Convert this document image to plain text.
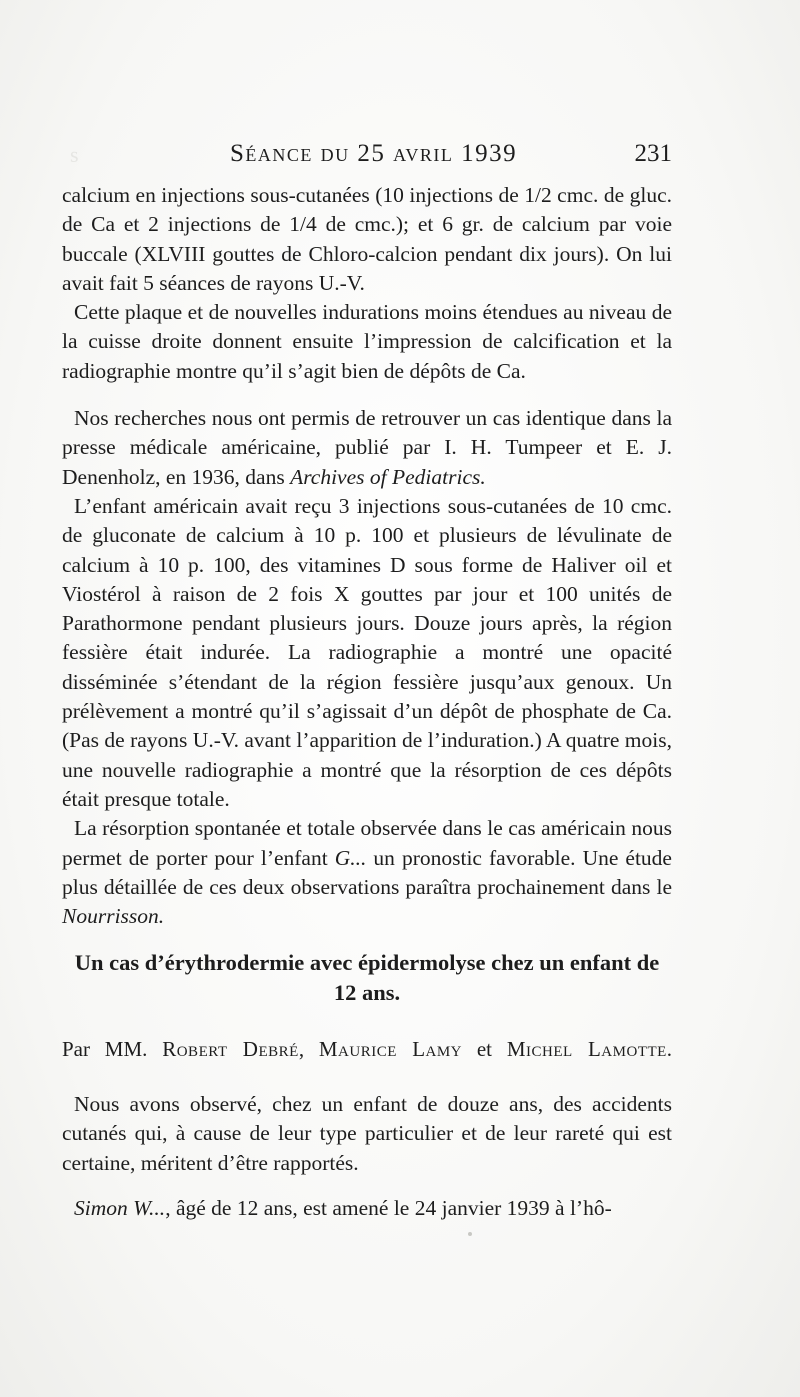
s	Séance du 25 avril 1939	231

calcium en injections sous-cutanées (10 injections de 1/2 cmc. de gluc. de Ca et 2 injections de 1/4 de cmc.); et 6 gr. de calcium par voie buccale (XLVIII gouttes de Chloro-calcion pendant dix jours). On lui avait fait 5 séances de rayons U.-V.

Cette plaque et de nouvelles indurations moins étendues au niveau de la cuisse droite donnent ensuite l’impression de calcification et la radiographie montre qu’il s’agit bien de dépôts de Ca.

Nos recherches nous ont permis de retrouver un cas identique dans la presse médicale américaine, publié par I. H. Tumpeer et E. J. Denenholz, en 1936, dans Archives of Pediatrics.

L’enfant américain avait reçu 3 injections sous-cutanées de 10 cmc. de gluconate de calcium à 10 p. 100 et plusieurs de lévulinate de calcium à 10 p. 100, des vitamines D sous forme de Haliver oil et Viostérol à raison de 2 fois X gouttes par jour et 100 unités de Parathormone pendant plusieurs jours. Douze jours après, la région fessière était indurée. La radiographie a montré une opacité disséminée s’étendant de la région fessière jusqu’aux genoux. Un prélèvement a montré qu’il s’agissait d’un dépôt de phosphate de Ca. (Pas de rayons U.-V. avant l’apparition de l’induration.) A quatre mois, une nouvelle radiographie a montré que la résorption de ces dépôts était presque totale.

La résorption spontanée et totale observée dans le cas américain nous permet de porter pour l’enfant G... un pronostic favorable. Une étude plus détaillée de ces deux observations paraîtra prochainement dans le Nourrisson.

Un cas d’érythrodermie avec épidermolyse chez un enfant de 12 ans.

Par MM. Robert Debré, Maurice Lamy et Michel Lamotte.

Nous avons observé, chez un enfant de douze ans, des accidents cutanés qui, à cause de leur type particulier et de leur rareté qui est certaine, méritent d’être rapportés.

Simon W..., âgé de 12 ans, est amené le 24 janvier 1939 à l’hô-
